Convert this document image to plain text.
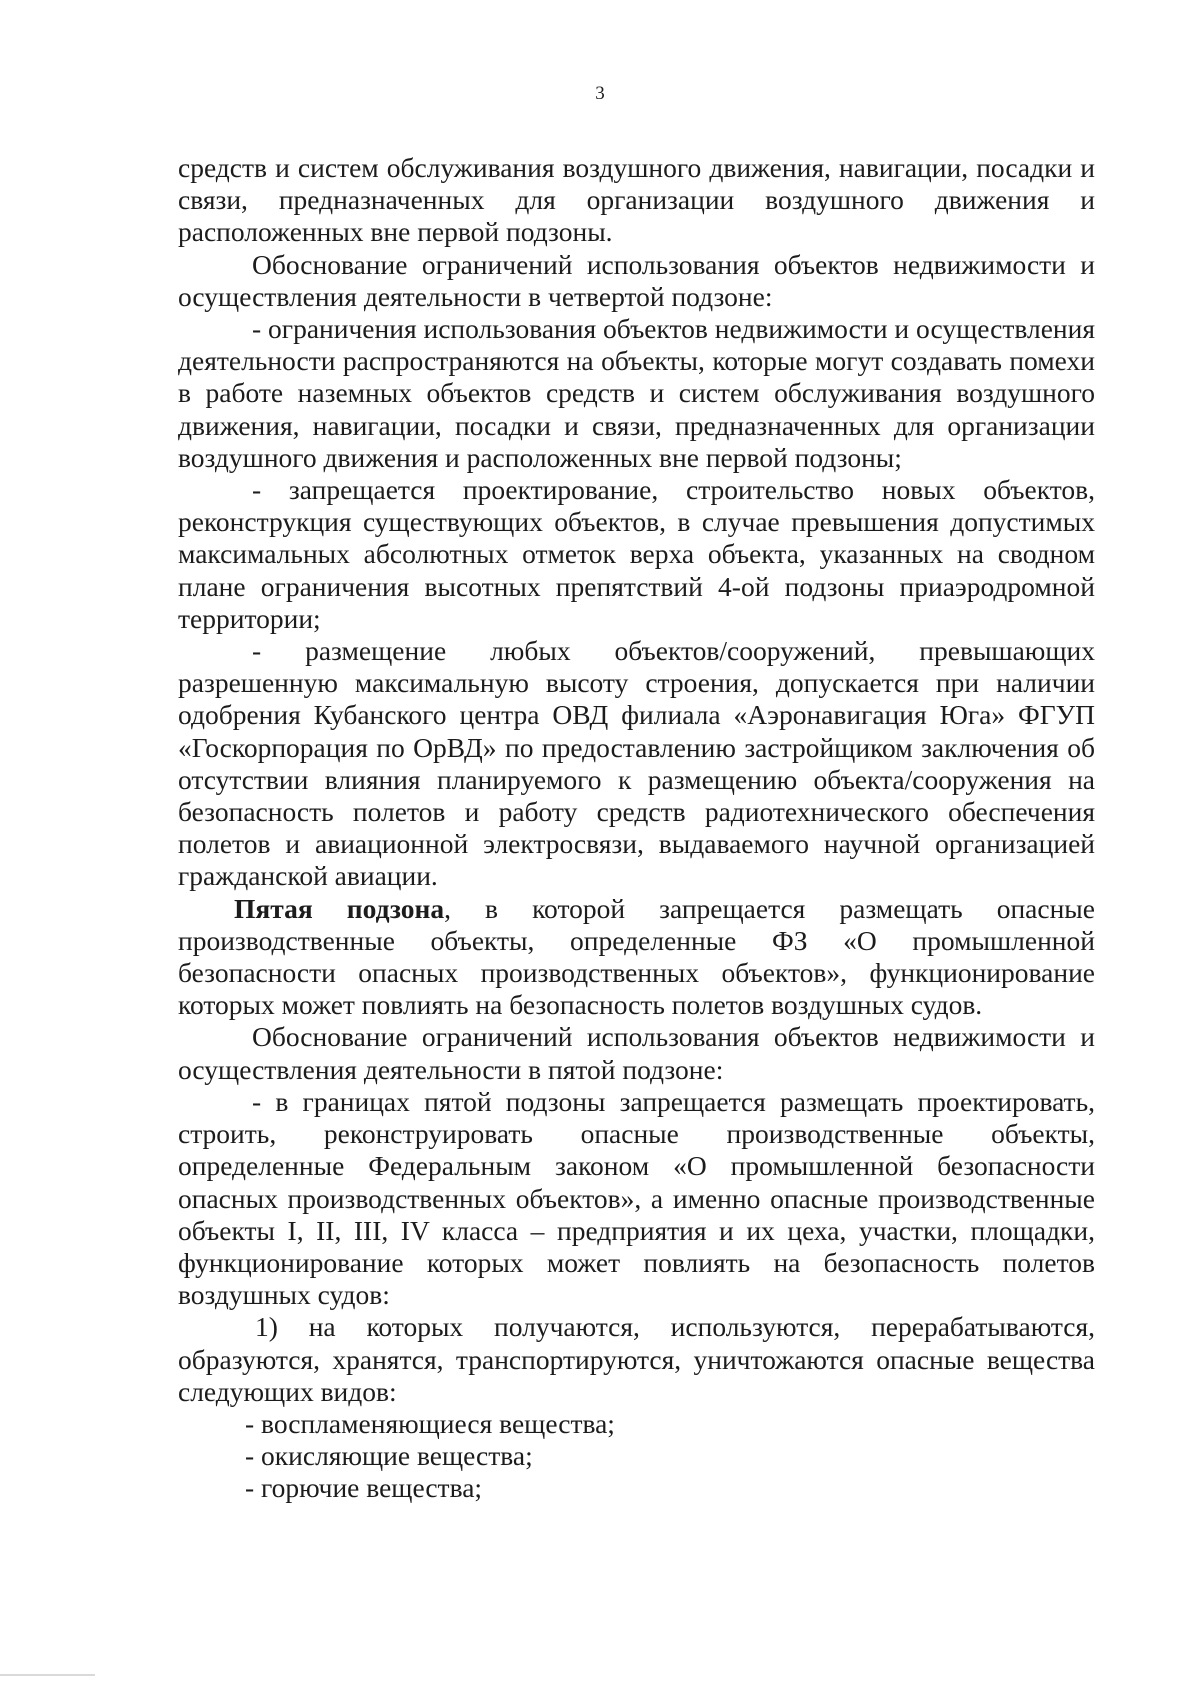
3

средств и систем обслуживания воздушного движения, навигации, посадки и связи, предназначенных для организации воздушного движения и расположенных вне первой подзоны.

Обоснование ограничений использования объектов недвижимости и осуществления деятельности в четвертой подзоне:

- ограничения использования объектов недвижимости и осуществления деятельности распространяются на объекты, которые могут создавать помехи в работе наземных объектов средств и систем обслуживания воздушного движения, навигации, посадки и связи, предназначенных для организации воздушного движения и расположенных вне первой подзоны;

- запрещается проектирование, строительство новых объектов, реконструкция существующих объектов, в случае превышения допустимых максимальных абсолютных отметок верха объекта, указанных на сводном плане ограничения высотных препятствий 4-ой подзоны приаэродромной территории;

- размещение любых объектов/сооружений, превышающих разрешенную максимальную высоту строения, допускается при наличии одобрения Кубанского центра ОВД филиала «Аэронавигация Юга» ФГУП «Госкорпорация по ОрВД» по предоставлению застройщиком заключения об отсутствии влияния планируемого к размещению объекта/сооружения на безопасность полетов и работу средств радиотехнического обеспечения полетов и авиационной электросвязи, выдаваемого научной организацией гражданской авиации.

Пятая подзона, в которой запрещается размещать опасные производственные объекты, определенные ФЗ «О промышленной безопасности опасных производственных объектов», функционирование которых может повлиять на безопасность полетов воздушных судов.

Обоснование ограничений использования объектов недвижимости и осуществления деятельности в пятой подзоне:

- в границах пятой подзоны запрещается размещать проектировать, строить, реконструировать опасные производственные объекты, определенные Федеральным законом «О промышленной безопасности опасных производственных объектов», а именно опасные производственные объекты I, II, III, IV класса – предприятия и их цеха, участки, площадки, функционирование которых может повлиять на безопасность полетов воздушных судов:

1) на которых получаются, используются, перерабатываются, образуются, хранятся, транспортируются, уничтожаются опасные вещества следующих видов:

- воспламеняющиеся вещества;

- окисляющие вещества;

- горючие вещества;
